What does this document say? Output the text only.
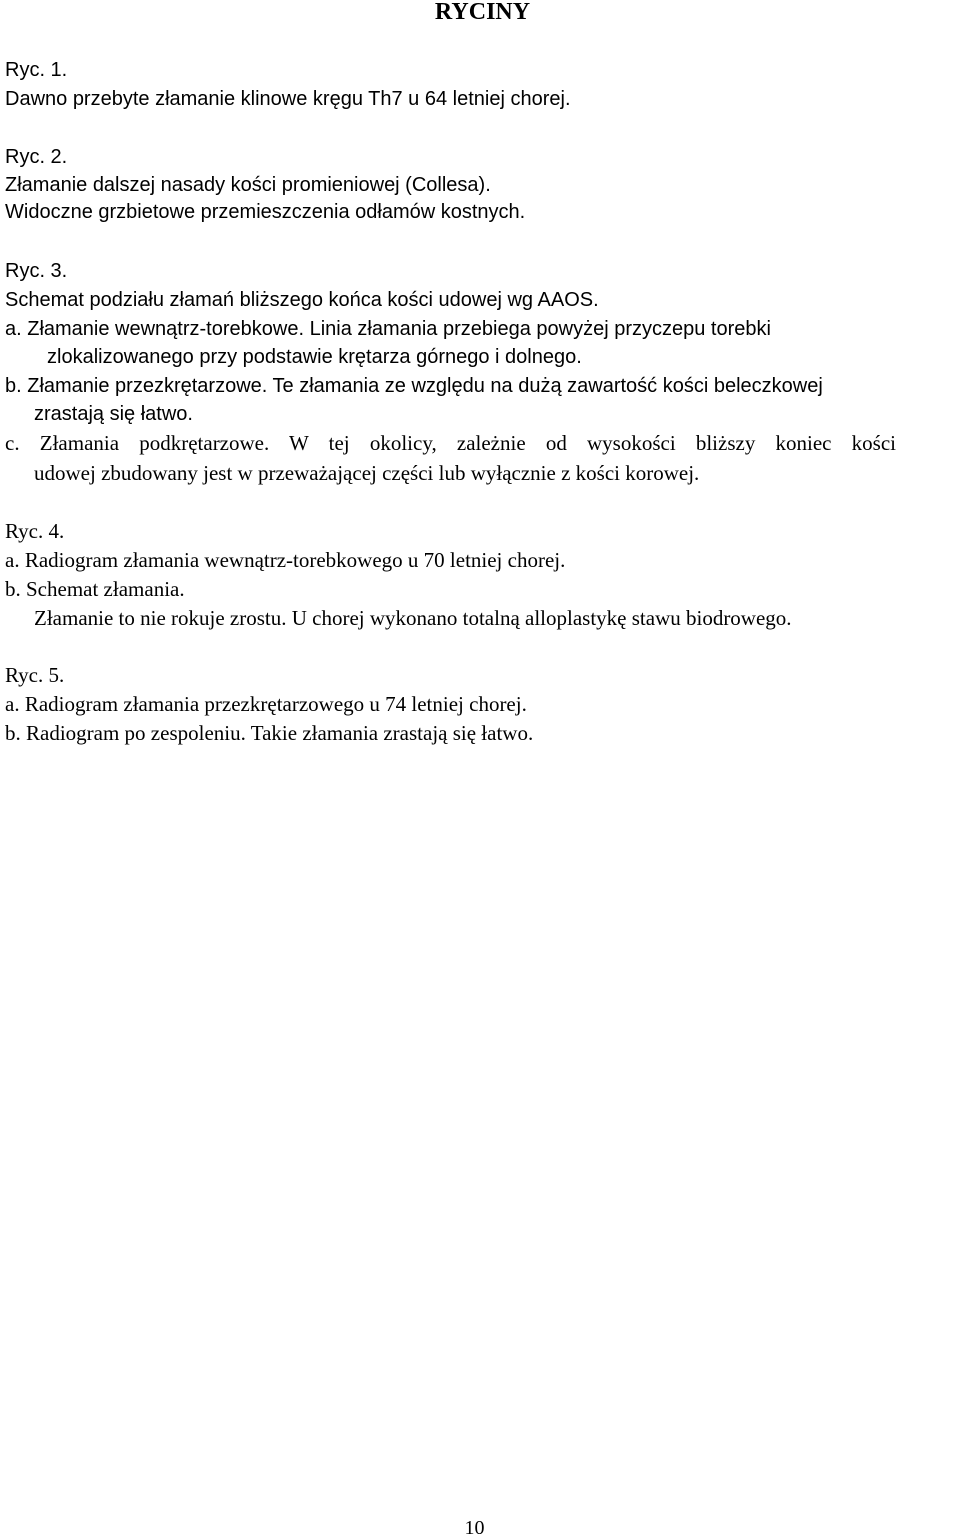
RYCINY

Ryc. 1.

Dawno przebyte złamanie klinowe kręgu Th7 u 64 letniej chorej.

Ryc. 2.

Złamanie dalszej nasady kości promieniowej (Collesa).

Widoczne grzbietowe przemieszczenia odłamów kostnych.

Ryc. 3.

Schemat podziału złamań bliższego końca kości udowej wg AAOS.

a. Złamanie wewnątrz-torebkowe. Linia złamania przebiega powyżej przyczepu torebki

zlokalizowanego przy podstawie krętarza górnego i dolnego.

b. Złamanie przezkrętarzowe. Te złamania ze względu na dużą zawartość kości beleczkowej

zrastają się łatwo.

c. Złamania podkrętarzowe. W tej okolicy, zależnie od wysokości bliższy koniec kości

udowej zbudowany jest w przeważającej części lub wyłącznie z kości korowej.

Ryc. 4.

a. Radiogram złamania wewnątrz-torebkowego u 70 letniej chorej.

b. Schemat złamania.

Złamanie to nie rokuje zrostu. U chorej wykonano totalną alloplastykę stawu biodrowego.

Ryc. 5.

a. Radiogram złamania przezkrętarzowego u 74 letniej chorej.

b. Radiogram po zespoleniu. Takie złamania zrastają się łatwo.

10
